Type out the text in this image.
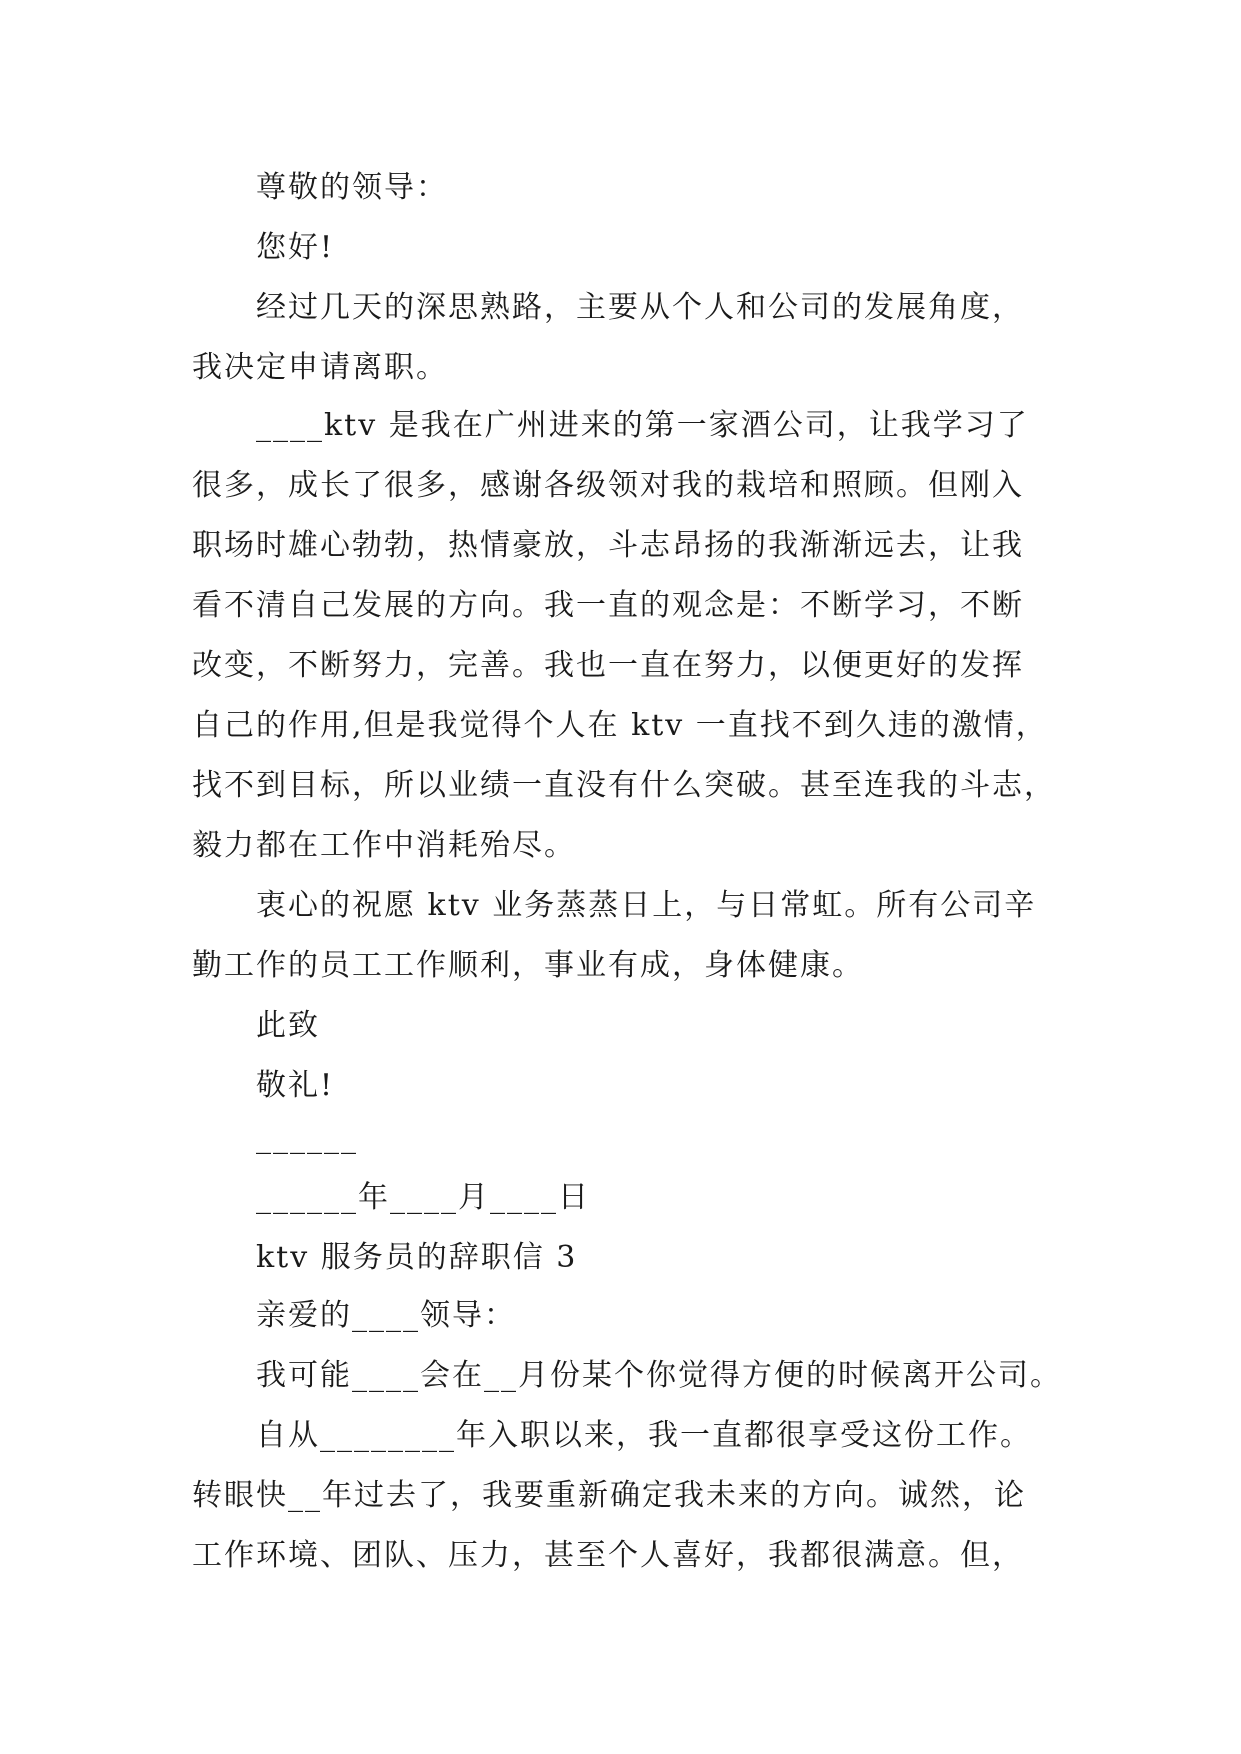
尊敬的领导：
您好!
经过几天的深思熟路，主要从个人和公司的发展角度，
我决定申请离职。
____ktv 是我在广州进来的第一家酒公司，让我学习了
很多，成长了很多，感谢各级领对我的栽培和照顾。但刚入
职场时雄心勃勃，热情豪放，斗志昂扬的我渐渐远去，让我
看不清自己发展的方向。我一直的观念是：不断学习，不断
改变，不断努力，完善。我也一直在努力，以便更好的发挥
自己的作用,但是我觉得个人在 ktv 一直找不到久违的激情，
找不到目标，所以业绩一直没有什么突破。甚至连我的斗志，
毅力都在工作中消耗殆尽。
衷心的祝愿 ktv 业务蒸蒸日上，与日常虹。所有公司辛
勤工作的员工工作顺利，事业有成，身体健康。
此致
敬礼!
______
______年____月____日
ktv 服务员的辞职信 3
亲爱的____领导：
我可能____会在__月份某个你觉得方便的时候离开公司。
自从________年入职以来，我一直都很享受这份工作。
转眼快__年过去了，我要重新确定我未来的方向。诚然，论
工作环境、团队、压力，甚至个人喜好，我都很满意。但，
